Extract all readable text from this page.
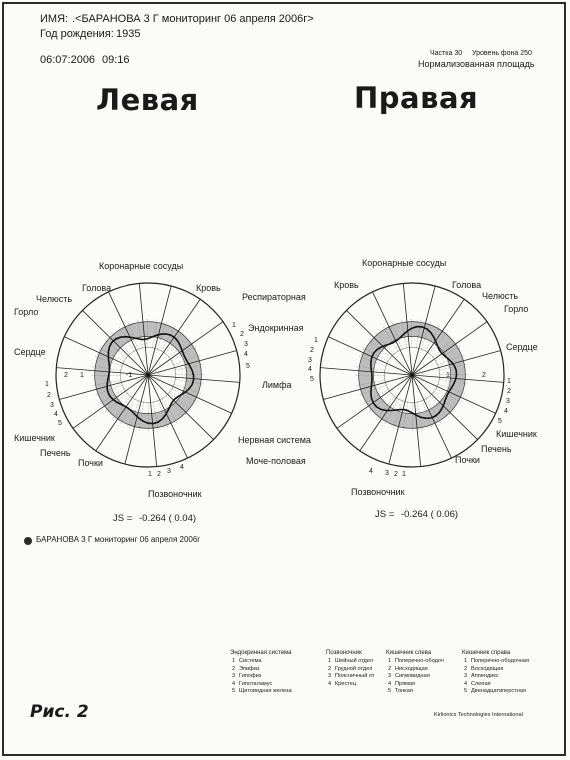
ИМЯ: .<БАРАНОВА 3 Г мониторинг 06 апреля 2006г>
Год рождения: 1935
06:07:2006 09:16
Частка 30 Уровень фона 250
Нормализованная площадь
Левая	Правая
Коронарные сосуды
Голова	Кровь
Челюсть	Респираторная
Горло
Эндокринная
Сердце
Лимфа
Кишечник	Нервная система
Печень
Почки	Моче-половая
Позвоночник
1
2
3
4
5
1
2
3
4
5
1 2 3
4
2 1	-1
Коронарные сосуды
Кровь	Голова
Челюсть
Горло
Сердце
Кишечник
Печень
Почки
Позвоночник
1
2
3
4
5	1
2
3
4
5
4 3 2 1
1	2
JS = -0.264 ( 0.04)	JS = -0.264 ( 0.06)
БАРАНОВА 3 Г мониторинг 06 апреля 2006г
Эндокринная система
1 Система
2 Эпифиз
3 Гипофиз
4 Гипоталамус
5 Щитовидная железа
Позвоночник
1 Шейный отдел
2 Грудной отдел
3 Поясничный от
4 Крестец
Кишечник слева
1 Поперечно-ободоч
2 Нисходящая
3 Сигмовидная
4 Прямая
5 Тонкая
Кишечник справа
1 Поперечно-ободочная
2 Восходящая
3 Аппендикс
4 Слепая
5 Двенадцатиперстная
Рис. 2	Kirlionics Technologies International
